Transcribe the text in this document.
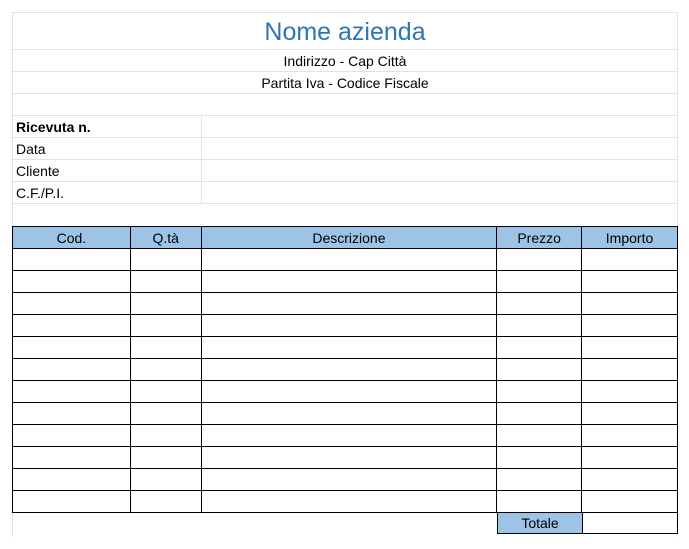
Nome azienda
Indirizzo - Cap Città
Partita Iva - Codice Fiscale
Ricevuta n.
Data
Cliente
C.F./P.I.
Cod.	Q.tà	Descrizione	Prezzo	Importo

Totale
